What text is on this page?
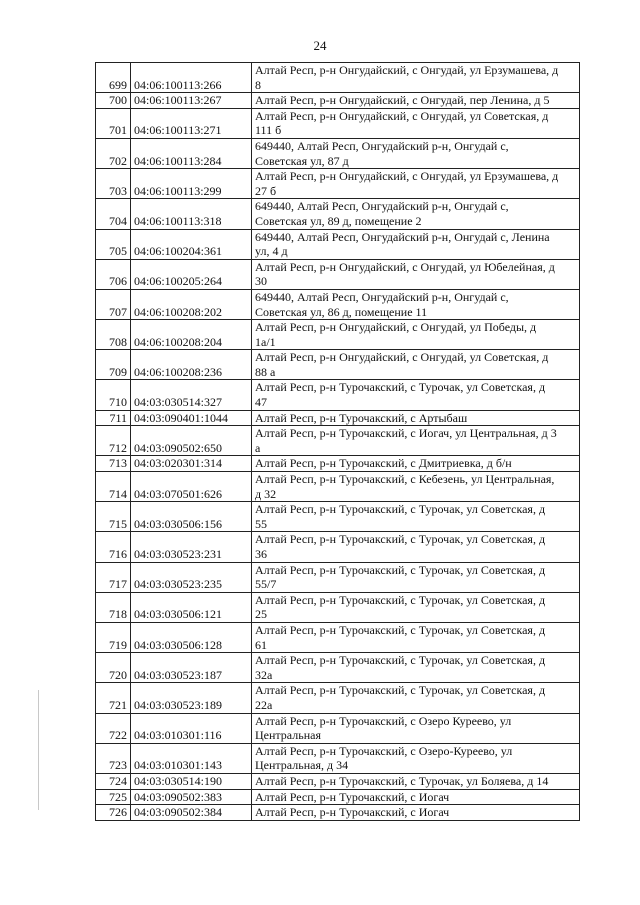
24
699	04:06:100113:266	Алтай Респ, р-н Онгудайский, с Онгудай, ул Ерзумашева, д
8

700	04:06:100113:267	Алтай Респ, р-н Онгудайский, с Онгудай, пер Ленина, д 5

701	04:06:100113:271	Алтай Респ, р-н Онгудайский, с Онгудай, ул Советская, д
111 б

702	04:06:100113:284	649440, Алтай Респ, Онгудайский р-н, Онгудай с,
Советская ул, 87 д

703	04:06:100113:299	Алтай Респ, р-н Онгудайский, с Онгудай, ул Ерзумашева, д
27 б

704	04:06:100113:318	649440, Алтай Респ, Онгудайский р-н, Онгудай с,
Советская ул, 89 д, помещение 2

705	04:06:100204:361	649440, Алтай Респ, Онгудайский р-н, Онгудай с, Ленина
ул, 4 д

706	04:06:100205:264	Алтай Респ, р-н Онгудайский, с Онгудай, ул Юбелейная, д
30

707	04:06:100208:202	649440, Алтай Респ, Онгудайский р-н, Онгудай с,
Советская ул, 86 д, помещение 11

708	04:06:100208:204	Алтай Респ, р-н Онгудайский, с Онгудай, ул Победы, д
1а/1

709	04:06:100208:236	Алтай Респ, р-н Онгудайский, с Онгудай, ул Советская, д
88 а

710	04:03:030514:327	Алтай Респ, р-н Турочакский, с Турочак, ул Советская, д
47

711	04:03:090401:1044	Алтай Респ, р-н Турочакский, с Артыбаш

712	04:03:090502:650	Алтай Респ, р-н Турочакский, с Иогач, ул Центральная, д 3
а

713	04:03:020301:314	Алтай Респ, р-н Турочакский, с Дмитриевка, д б/н

714	04:03:070501:626	Алтай Респ, р-н Турочакский, с Кебезень, ул Центральная,
д 32

715	04:03:030506:156	Алтай Респ, р-н Турочакский, с Турочак, ул Советская, д
55

716	04:03:030523:231	Алтай Респ, р-н Турочакский, с Турочак, ул Советская, д
36

717	04:03:030523:235	Алтай Респ, р-н Турочакский, с Турочак, ул Советская, д
55/7

718	04:03:030506:121	Алтай Респ, р-н Турочакский, с Турочак, ул Советская, д
25

719	04:03:030506:128	Алтай Респ, р-н Турочакский, с Турочак, ул Советская, д
61

720	04:03:030523:187	Алтай Респ, р-н Турочакский, с Турочак, ул Советская, д
32а

721	04:03:030523:189	Алтай Респ, р-н Турочакский, с Турочак, ул Советская, д
22а

722	04:03:010301:116	Алтай Респ, р-н Турочакский, с Озеро Куреево, ул
Центральная

723	04:03:010301:143	Алтай Респ, р-н Турочакский, с Озеро-Куреево, ул
Центральная, д 34

724	04:03:030514:190	Алтай Респ, р-н Турочакский, с Турочак, ул Боляева, д 14

725	04:03:090502:383	Алтай Респ, р-н Турочакский, с Иогач

726	04:03:090502:384	Алтай Респ, р-н Турочакский, с Иогач
